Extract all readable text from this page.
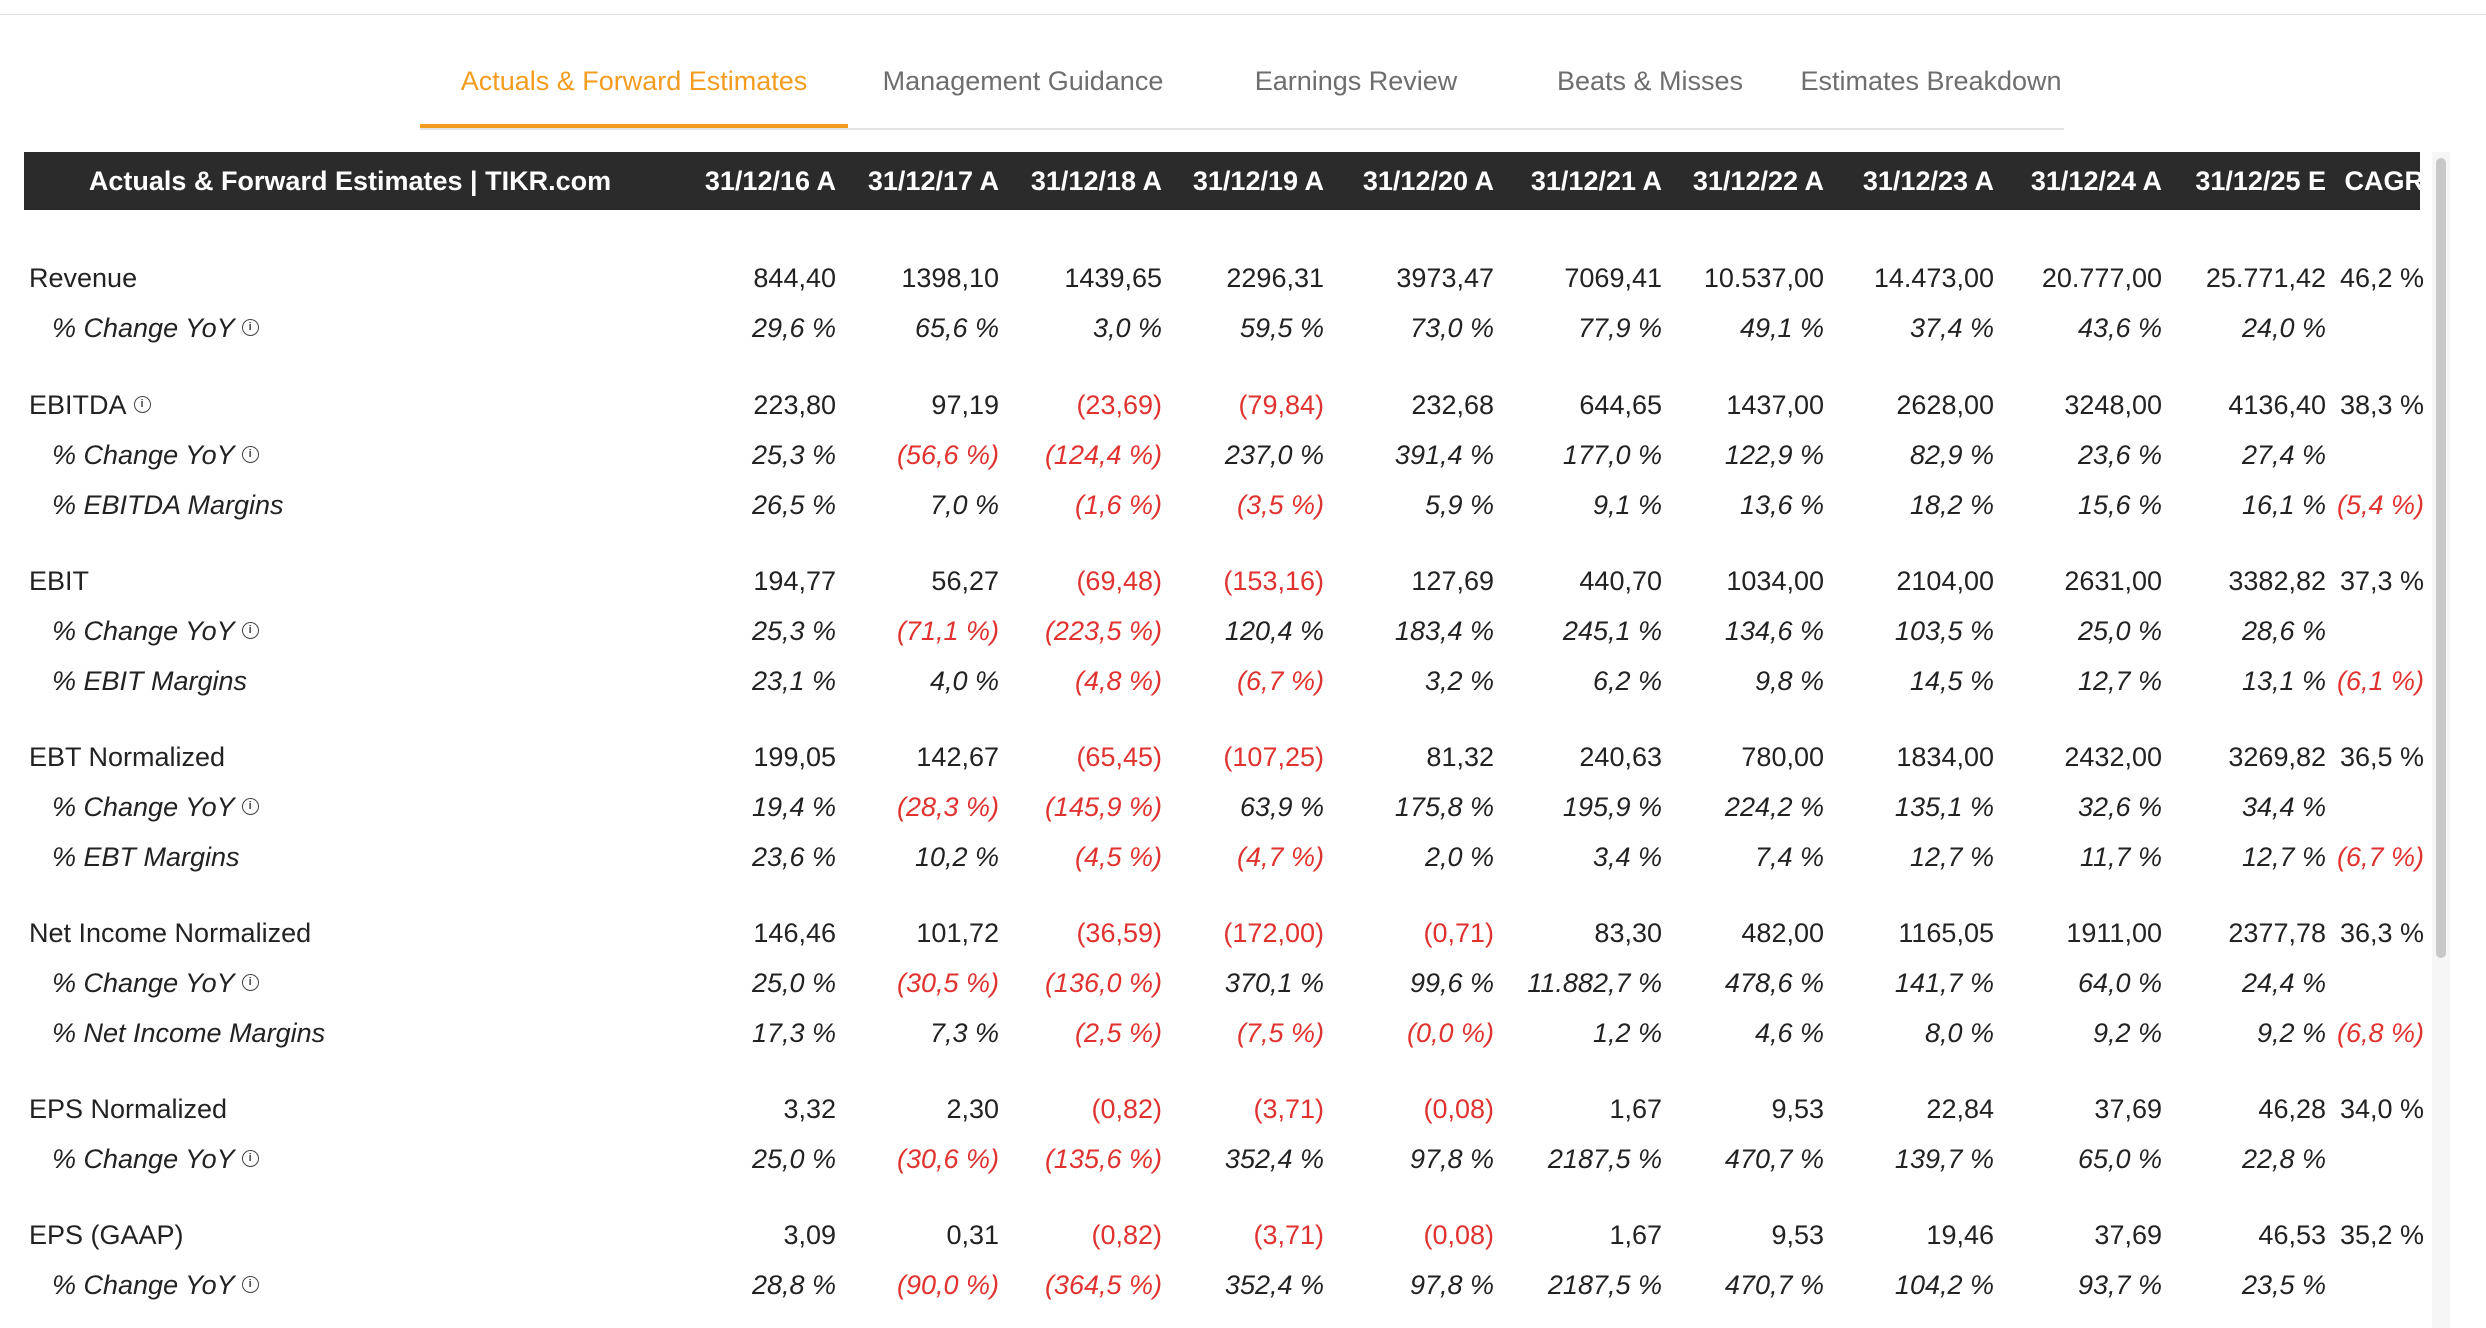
Actuals & Forward Estimates	Management Guidance	Earnings Review	Beats & Misses	Estimates Breakdown
Actuals & Forward Estimates | TIKR.com	31/12/16 A	31/12/17 A	31/12/18 A	31/12/19 A	31/12/20 A	31/12/21 A	31/12/22 A	31/12/23 A	31/12/24 A	31/12/25 E CAGR
Revenue	844,40	1398,10	1439,65	2296,31	3973,47	7069,41	10.537,00	14.473,00	20.777,00	25.771,42 46,2 %
% Change YoY i	29,6 %	65,6 %	3,0 %	59,5 %	73,0 %	77,9 %	49,1 %	37,4 %	43,6 %	24,0 %
EBITDA i	223,80	97,19	(23,69)	(79,84)	232,68	644,65	1437,00	2628,00	3248,00	4136,40 38,3 %
% Change YoY i	25,3 %	(56,6 %)	(124,4 %)	237,0 %	391,4 %	177,0 %	122,9 %	82,9 %	23,6 %	27,4 %
% EBITDA Margins	26,5 %	7,0 %	(1,6 %)	(3,5 %)	5,9 %	9,1 %	13,6 %	18,2 %	15,6 %	16,1 % (5,4 %)
EBIT	194,77	56,27	(69,48)	(153,16)	127,69	440,70	1034,00	2104,00	2631,00	3382,82 37,3 %
% Change YoY i	25,3 %	(71,1 %)	(223,5 %)	120,4 %	183,4 %	245,1 %	134,6 %	103,5 %	25,0 %	28,6 %
% EBIT Margins	23,1 %	4,0 %	(4,8 %)	(6,7 %)	3,2 %	6,2 %	9,8 %	14,5 %	12,7 %	13,1 % (6,1 %)
EBT Normalized	199,05	142,67	(65,45)	(107,25)	81,32	240,63	780,00	1834,00	2432,00	3269,82 36,5 %
% Change YoY i	19,4 %	(28,3 %)	(145,9 %)	63,9 %	175,8 %	195,9 %	224,2 %	135,1 %	32,6 %	34,4 %
% EBT Margins	23,6 %	10,2 %	(4,5 %)	(4,7 %)	2,0 %	3,4 %	7,4 %	12,7 %	11,7 %	12,7 % (6,7 %)
Net Income Normalized	146,46	101,72	(36,59)	(172,00)	(0,71)	83,30	482,00	1165,05	1911,00	2377,78 36,3 %
% Change YoY i	25,0 %	(30,5 %)	(136,0 %)	370,1 %	99,6 %	11.882,7 %	478,6 %	141,7 %	64,0 %	24,4 %
% Net Income Margins	17,3 %	7,3 %	(2,5 %)	(7,5 %)	(0,0 %)	1,2 %	4,6 %	8,0 %	9,2 %	9,2 % (6,8 %)
EPS Normalized	3,32	2,30	(0,82)	(3,71)	(0,08)	1,67	9,53	22,84	37,69	46,28 34,0 %
% Change YoY i	25,0 %	(30,6 %)	(135,6 %)	352,4 %	97,8 %	2187,5 %	470,7 %	139,7 %	65,0 %	22,8 %
EPS (GAAP)	3,09	0,31	(0,82)	(3,71)	(0,08)	1,67	9,53	19,46	37,69	46,53 35,2 %
% Change YoY i	28,8 %	(90,0 %)	(364,5 %)	352,4 %	97,8 %	2187,5 %	470,7 %	104,2 %	93,7 %	23,5 %
